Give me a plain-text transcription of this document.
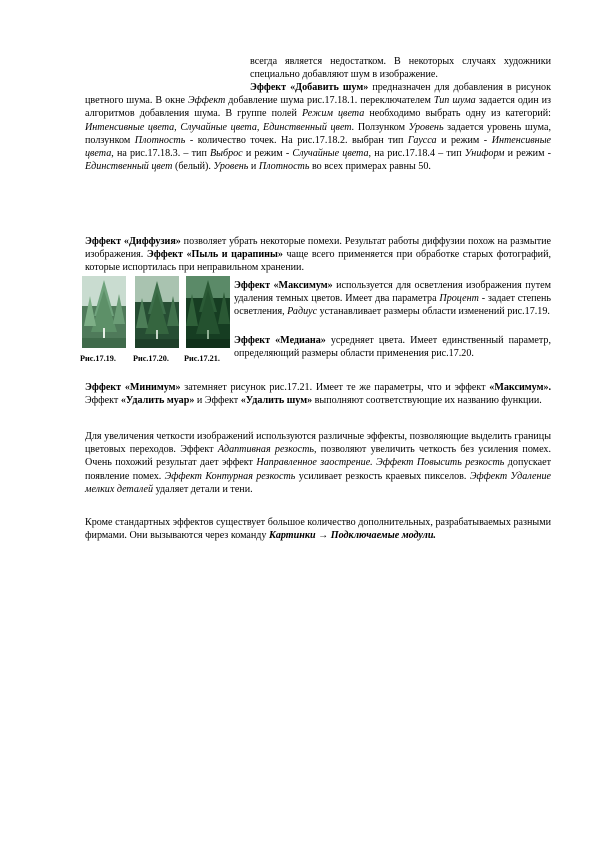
всегда является недостатком. В некоторых случаях художники специально добавляют шум в изображение.

Эффект «Добавить шум» предназначен для добавления в рисунок цветного шума. В окне Эффект добавление шума рис.17.18.1. переключателем Тип шума задается один из алгоритмов добавления шума. В группе полей Режим цвета необходимо выбрать одну из категорий: Интенсивные цвета, Случайные цвета, Единственный цвет. Ползунком Уровень задается уровень шума, ползунком Плотность - количество точек. На рис.17.18.2. выбран тип Гаусса и режим - Интенсивные цвета, на рис.17.18.3. – тип Выброс и режим - Случайные цвета, на рис.17.18.4 – тип Униформ и режим - Единственный цвет (белый). Уровень и Плотность во всех примерах равны 50.

Эффект «Диффузия» позволяет убрать некоторые помехи. Результат работы диффузии похож на размытие изображения. Эффект «Пыль и царапины» чаще всего применяется при обработке старых фотографий, которые испортилась при неправильном хранении.

Рис.17.19. Рис.17.20. Рис.17.21.

Эффект «Максимум» используется для осветления изображения путем удаления темных цветов. Имеет два параметра Процент - задает степень осветления, Радиус устанавливает размеры области изменений рис.17.19.

Эффект «Медиана» усредняет цвета. Имеет единственный параметр, определяющий размеры области применения рис.17.20.

Эффект «Минимум» затемняет рисунок рис.17.21. Имеет те же параметры, что и эффект «Максимум». Эффект «Удалить муар» и Эффект «Удалить шум» выполняют соответствующие их названию функции.

Для увеличения четкости изображений используются различные эффекты, позволяющие выделить границы цветовых переходов. Эффект Адаптивная резкость, позволяют увеличить четкость без усиления помех. Очень похожий результат дает эффект Направленное заострение. Эффект Повысить резкость допускает появление помех. Эффект Контурная резкость усиливает резкость краевых пикселов. Эффект Удаление мелких деталей удаляет детали и тени.

Кроме стандартных эффектов существует большое количество дополнительных, разрабатываемых разными фирмами. Они вызываются через команду Картинки → Подключаемые модули.
